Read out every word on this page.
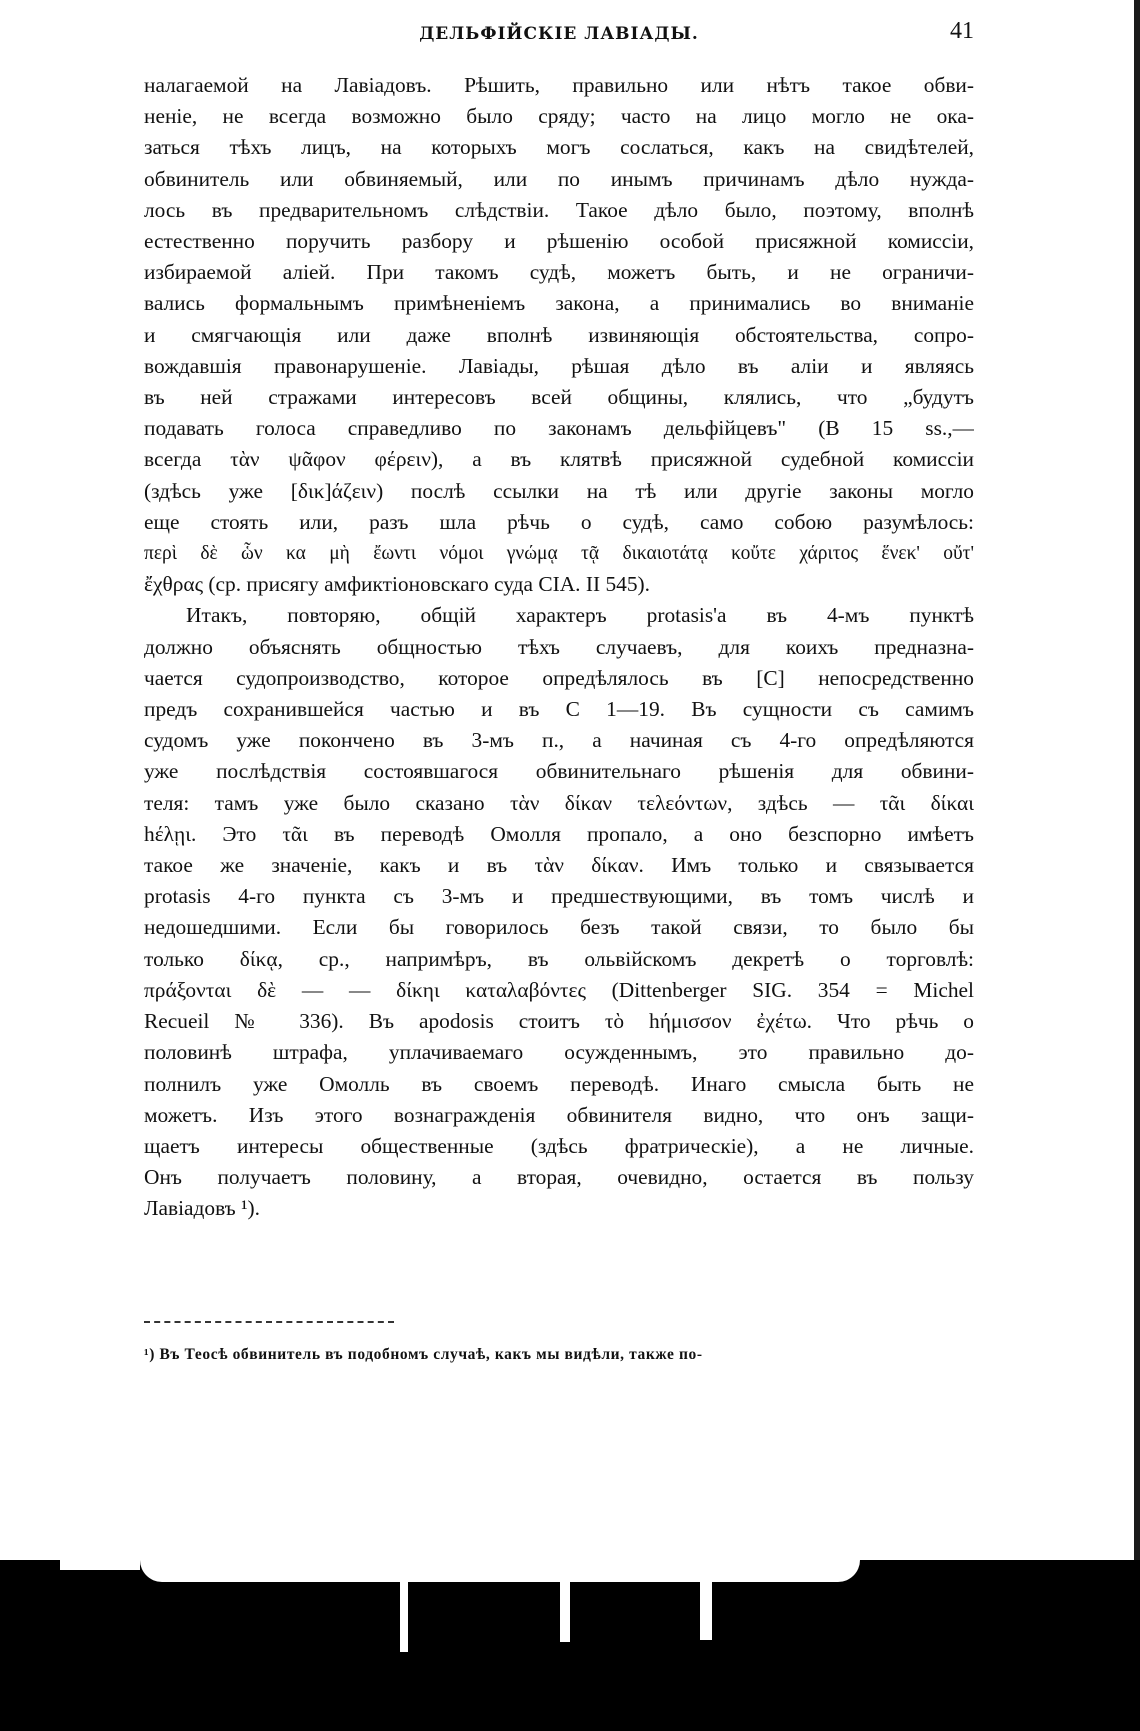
ДЕЛЬФІЙСКІЕ ЛАВІАДЫ.	41
налагаемой на Лавіадовъ. Рѣшить, правильно или нѣтъ такое обви-
неніе, не всегда возможно было сряду; часто на лицо могло не ока-
заться тѣхъ лицъ, на которыхъ могъ сослаться, какъ на свидѣтелей,
обвинитель или обвиняемый, или по инымъ причинамъ дѣло нужда-
лось въ предварительномъ слѣдствіи. Такое дѣло было, поэтому, вполнѣ
естественно поручить разбору и рѣшенію особой присяжной комиссіи,
избираемой аліей. При такомъ судѣ, можетъ быть, и не ограничи-
вались формальнымъ примѣненіемъ закона, а принимались во вниманіе
и смягчающія или даже вполнѣ извиняющія обстоятельства, сопро-
вождавшія правонарушеніе. Лавіады, рѣшая дѣло въ аліи и являясь
въ ней стражами интересовъ всей общины, клялись, что „будутъ
подавать голоса справедливо по законамъ дельфійцевъ" (В 15 ss.,—
всегда τὰν ψᾶφον φέρειν), а въ клятвѣ присяжной судебной комиссіи
(здѣсь уже [δικ]άζειν) послѣ ссылки на тѣ или другіе законы могло
еще стоять или, разъ шла рѣчь о судѣ, само собою разумѣлось:
περὶ δὲ ὧν κα μὴ ἔωντι νόμοι γνώμᾳ τᾷ δικαιοτάτᾳ κοὔτε χάριτος ἕνεκ' οὔτ'
ἔχθρας (ср. присягу амфиктіоновскаго суда CIA. II 545).
Итакъ, повторяю, общій характеръ protasis'а въ 4-мъ пунктѣ
должно объяснять общностью тѣхъ случаевъ, для коихъ предназна-
чается судопроизводство, которое опредѣлялось въ [С] непосредственно
предъ сохранившейся частью и въ С 1—19. Въ сущности съ самимъ
судомъ уже покончено въ 3-мъ п., а начиная съ 4-го опредѣляются
уже послѣдствія состоявшагося обвинительнаго рѣшенія для обвини-
теля: тамъ уже было сказано τὰν δίκαν τελεόντων, здѣсь — τᾶι δίκαι
hέλῃι. Это τᾶι въ переводѣ Омолля пропало, а оно безспорно имѣетъ
такое же значеніе, какъ и въ τὰν δίκαν. Имъ только и связывается
protasis 4-го пункта съ 3-мъ и предшествующими, въ томъ числѣ и
недошедшими. Если бы говорилось безъ такой связи, то было бы
только δίκᾳ, ср., напримѣръ, въ ольвійскомъ декретѣ о торговлѣ:
πράξονται δὲ — — δίκηι καταλαβόντες (Dittenberger SIG. 354 = Michel
Recueil № 336). Въ apodosis стоитъ τὸ hήμισσον ἐχέτω. Что рѣчь о
половинѣ штрафа, уплачиваемаго осужденнымъ, это правильно до-
полнилъ уже Омолль въ своемъ переводѣ. Инаго смысла быть не
можетъ. Изъ этого вознагражденія обвинителя видно, что онъ защи-
щаетъ интересы общественные (здѣсь фратрическіе), а не личные.
Онъ получаетъ половину, а вторая, очевидно, остается въ пользу
Лавіадовъ ¹).
¹) Въ Теосѣ обвинитель въ подобномъ случаѣ, какъ мы видѣли, также по-
